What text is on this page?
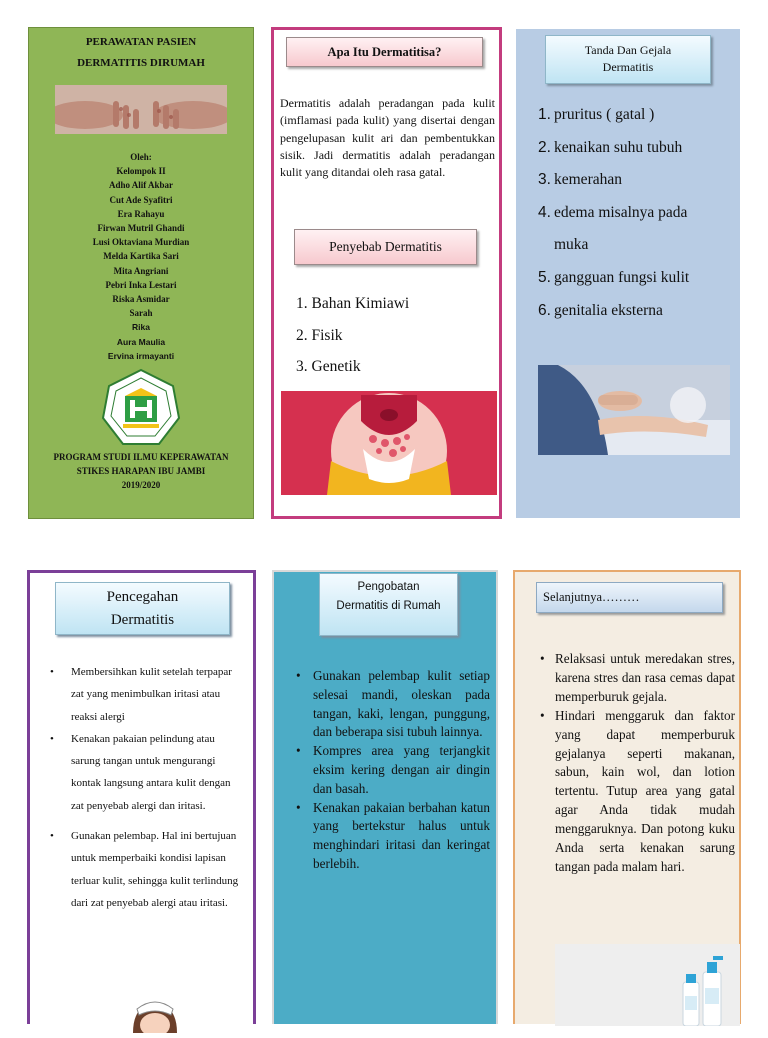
PERAWATAN PASIEN
DERMATITIS DIRUMAH
Oleh:
Kelompok II
Adho Alif Akbar
Cut Ade Syafitri
Era Rahayu
Firwan Mutril Ghandi
Lusi Oktaviana Murdian
Melda Kartika Sari
Mita Angriani
Pebri Inka Lestari
Riska Asmidar
Sarah
Rika
Aura Maulia
Ervina irmayanti
PROGRAM STUDI ILMU KEPERAWATAN
STIKES HARAPAN IBU JAMBI
2019/2020
Apa Itu Dermatitisa?
Dermatitis adalah peradangan pada kulit (imflamasi pada kulit) yang disertai dengan pengelupasan kulit ari dan pembentukkan sisik. Jadi dermatitis adalah peradangan kulit yang ditandai oleh rasa gatal.
Penyebab Dermatitis
1. Bahan Kimiawi
2. Fisik
3. Genetik
Tanda Dan Gejala
Dermatitis
1. pruritus ( gatal )
2. kenaikan suhu tubuh
3. kemerahan
4. edema misalnya pada
muka
5. gangguan fungsi kulit
6. genitalia eksterna
Pencegahan
Dermatitis
• Membersihkan kulit setelah terpapar zat yang menimbulkan iritasi atau reaksi alergi
• Kenakan pakaian pelindung atau sarung tangan untuk mengurangi kontak langsung antara kulit dengan zat penyebab alergi dan iritasi.
• Gunakan pelembap. Hal ini bertujuan untuk memperbaiki kondisi lapisan terluar kulit, sehingga kulit terlindung dari zat penyebab alergi atau iritasi.
Pengobatan
Dermatitis di Rumah
• Gunakan pelembap kulit setiap selesai mandi, oleskan pada tangan, kaki, lengan, punggung, dan beberapa sisi tubuh lainnya.
• Kompres area yang terjangkit eksim kering dengan air dingin dan basah.
• Kenakan pakaian berbahan katun yang bertekstur halus untuk menghindari iritasi dan keringat berlebih.
Selanjutnya………
• Relaksasi untuk meredakan stres, karena stres dan rasa cemas dapat memperburuk gejala.
• Hindari menggaruk dan faktor yang dapat memperburuk gejalanya seperti makanan, sabun, kain wol, dan lotion tertentu. Tutup area yang gatal agar Anda tidak mudah menggaruknya. Dan potong kuku Anda serta kenakan sarung tangan pada malam hari.
